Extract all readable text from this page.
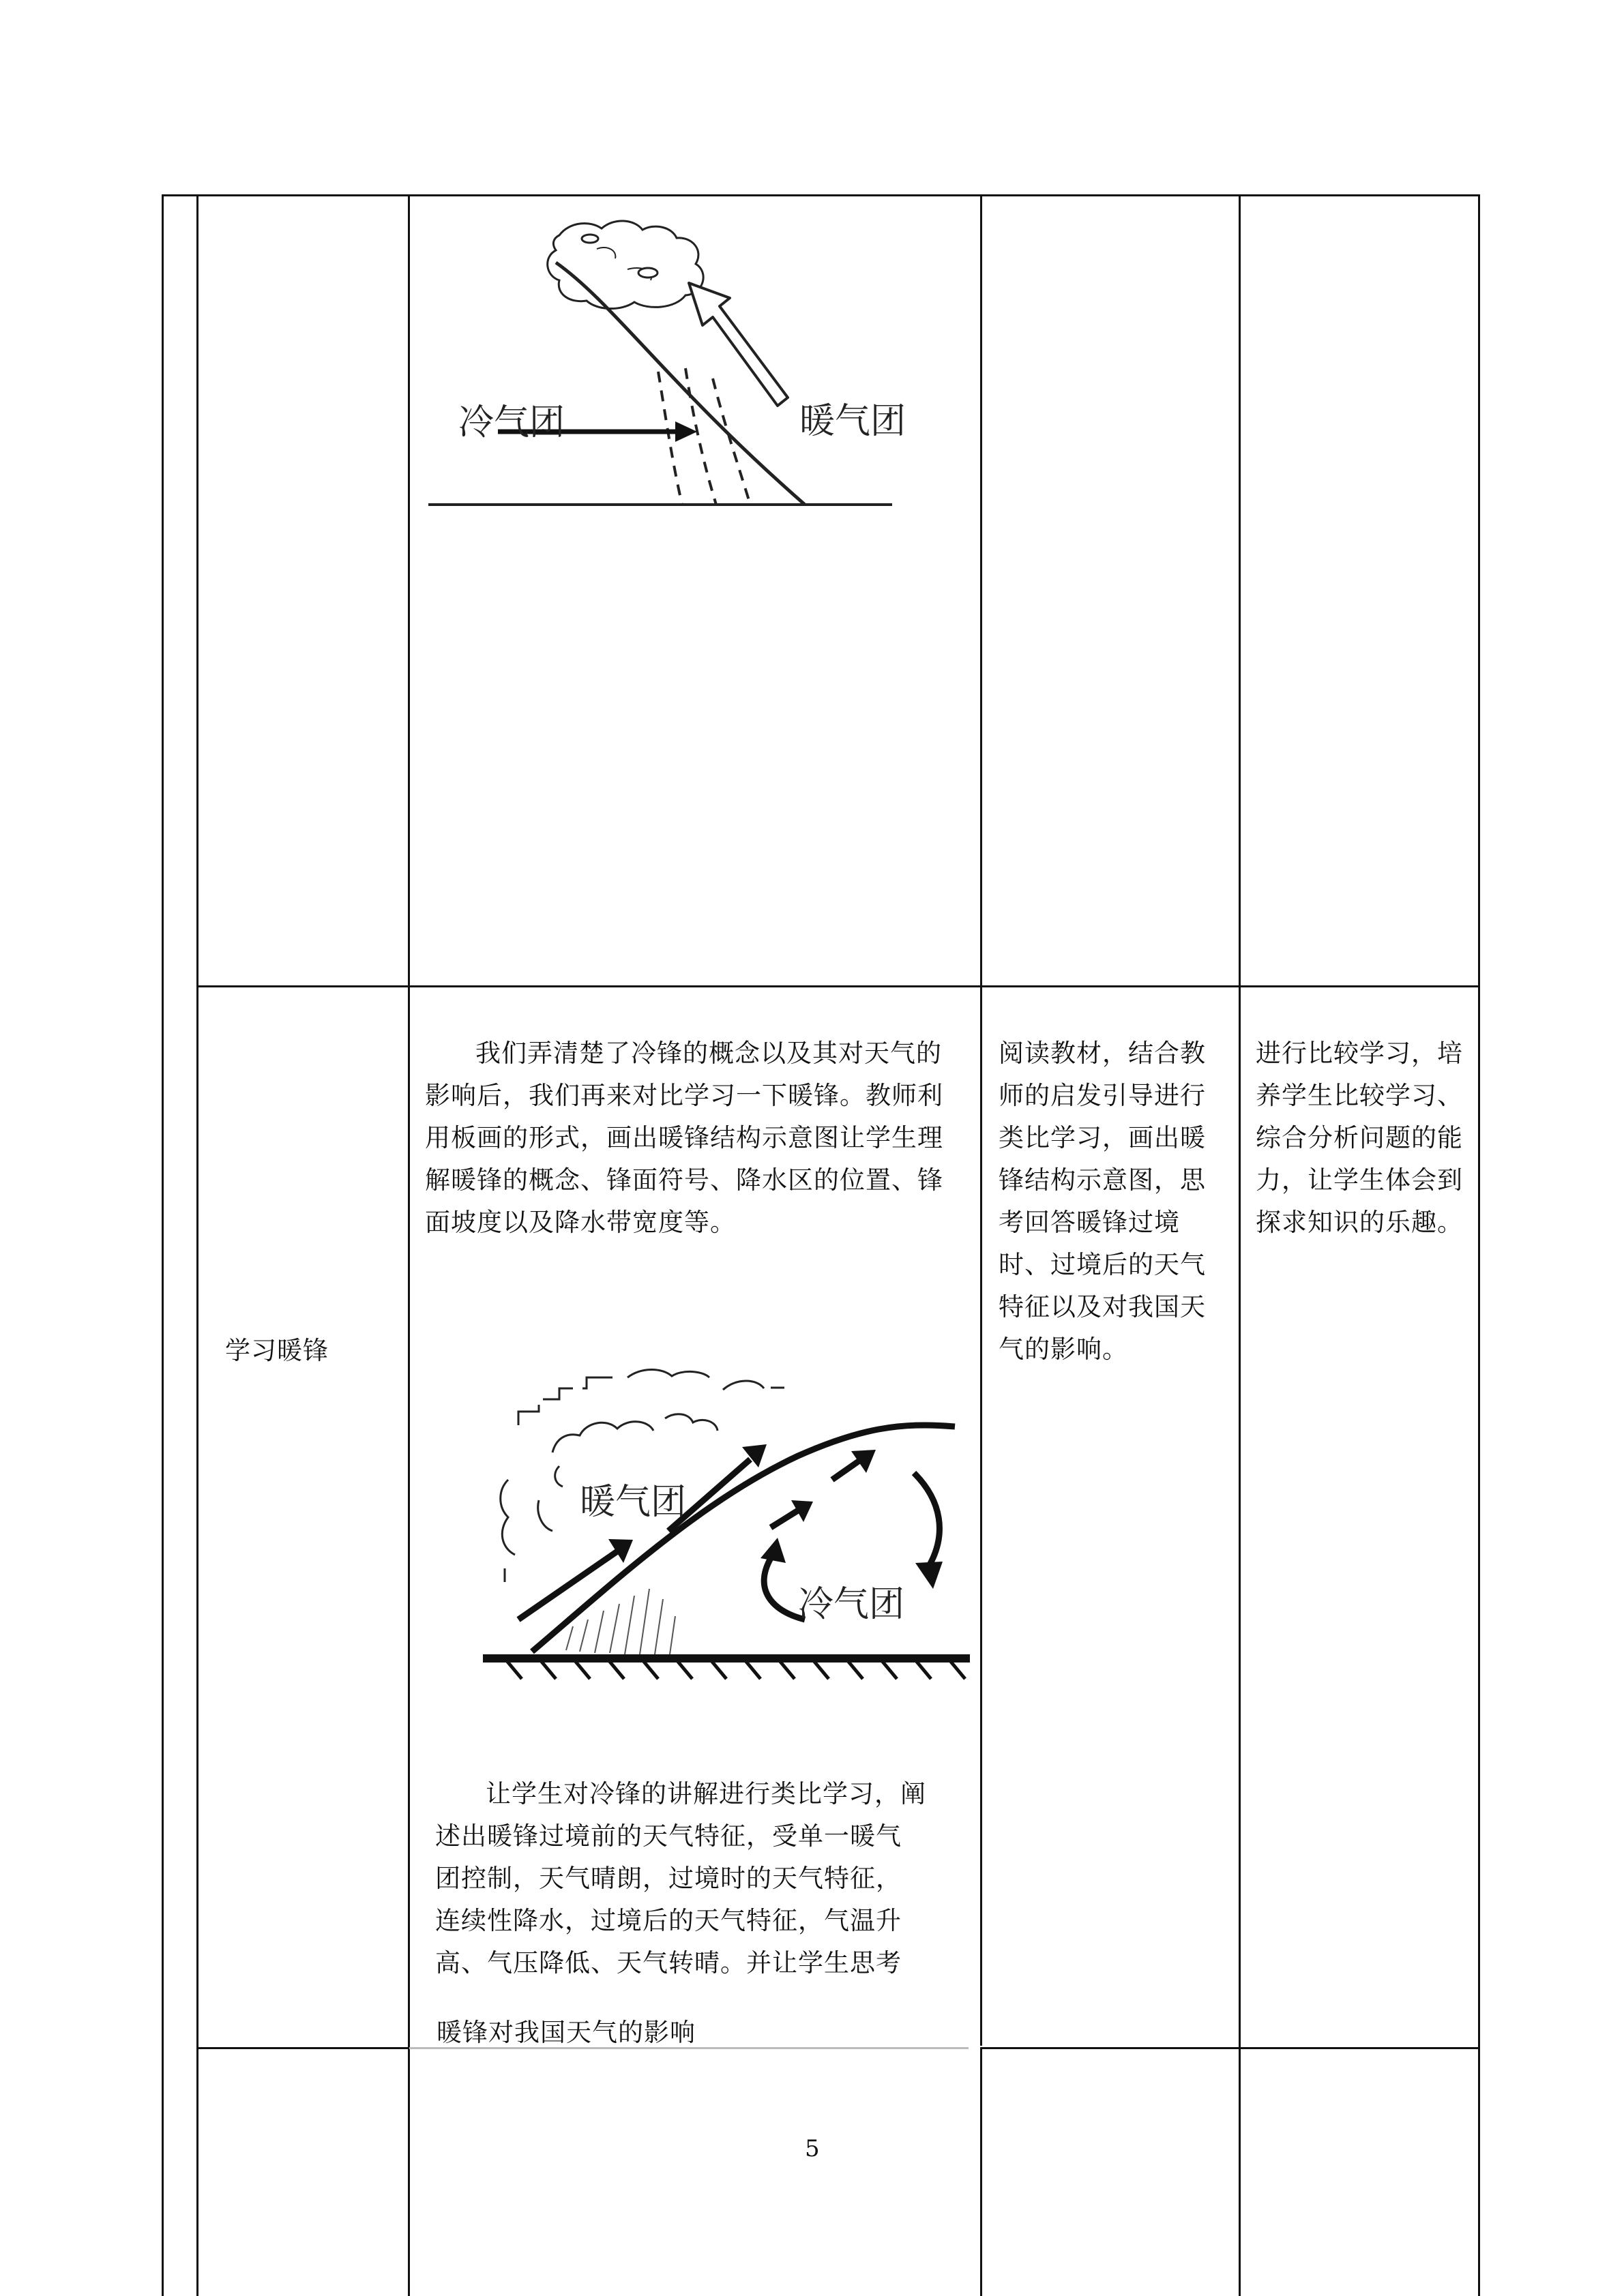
冷气团	暖气团
学习暖锋
我们弄清楚了冷锋的概念以及其对天气的影响后，我们再来对比学习一下暖锋。教师利用板画的形式，画出暖锋结构示意图让学生理解暖锋的概念、锋面符号、降水区的位置、锋面坡度以及降水带宽度等。
暖气团
冷气团
让学生对冷锋的讲解进行类比学习，阐述出暖锋过境前的天气特征，受单一暖气团控制，天气晴朗，过境时的天气特征，连续性降水，过境后的天气特征，气温升高、气压降低、天气转晴。并让学生思考
暖锋对我国天气的影响
阅读教材，结合教师的启发引导进行类比学习，画出暖锋结构示意图，思考回答暖锋过境时、过境后的天气特征以及对我国天气的影响。
进行比较学习，培养学生比较学习、综合分析问题的能力，让学生体会到探求知识的乐趣。
5
